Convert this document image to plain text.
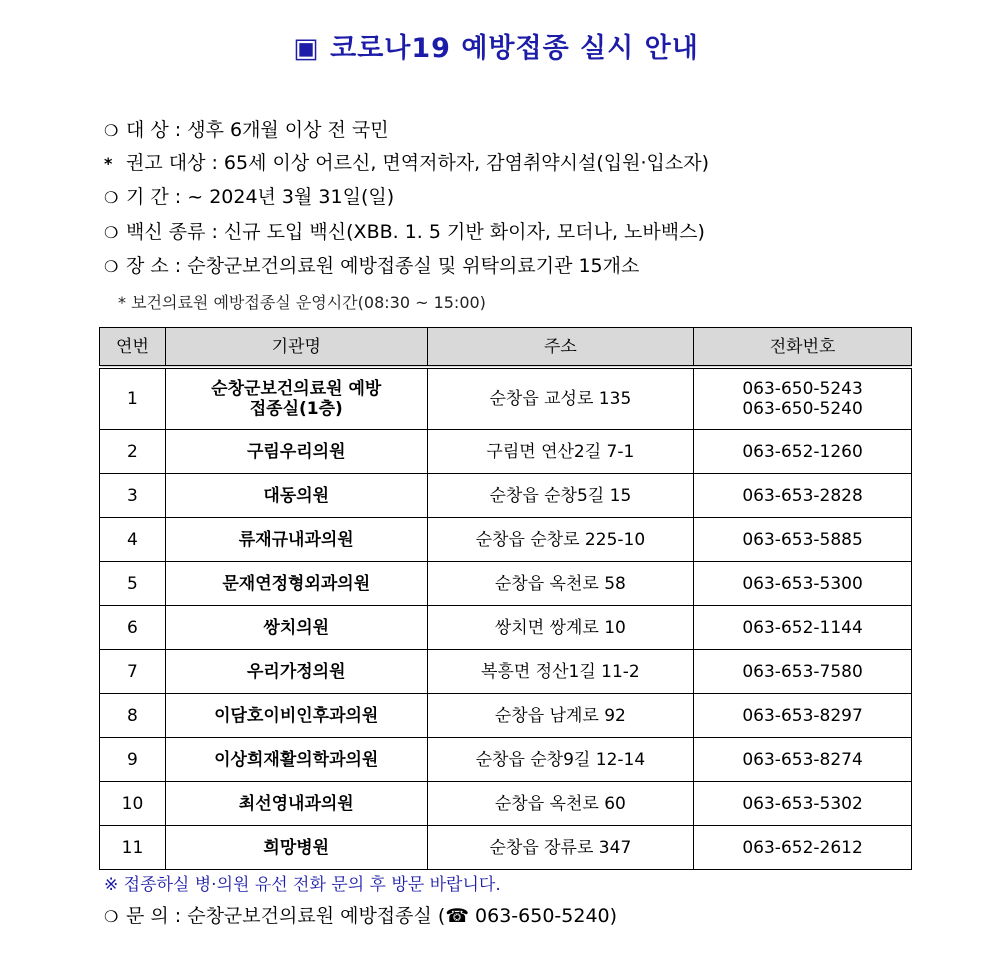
▣ 코로나19 예방접종 실시 안내
❍ 대 상 : 생후 6개월 이상 전 국민
* 권고 대상 : 65세 이상 어르신, 면역저하자, 감염취약시설(입원·입소자)
❍ 기 간 : ~ 2024년 3월 31일(일)
❍ 백신 종류 : 신규 도입 백신(XBB. 1. 5 기반 화이자, 모더나, 노바백스)
❍ 장 소 : 순창군보건의료원 예방접종실 및 위탁의료기관 15개소
* 보건의료원 예방접종실 운영시간(08:30 ~ 15:00)
연번	기관명	주소	전화번호
1	순창군보건의료원 예방접종실(1층)	순창읍 교성로 135	063-650-5243 063-650-5240
2	구림우리의원	구림면 연산2길 7-1	063-652-1260
3	대동의원	순창읍 순창5길 15	063-653-2828
4	류재규내과의원	순창읍 순창로 225-10	063-653-5885
5	문재연정형외과의원	순창읍 옥천로 58	063-653-5300
6	쌍치의원	쌍치면 쌍계로 10	063-652-1144
7	우리가정의원	복흥면 정산1길 11-2	063-653-7580
8	이담호이비인후과의원	순창읍 남계로 92	063-653-8297
9	이상희재활의학과의원	순창읍 순창9길 12-14	063-653-8274
10	최선영내과의원	순창읍 옥천로 60	063-653-5302
11	희망병원	순창읍 장류로 347	063-652-2612
※ 접종하실 병·의원 유선 전화 문의 후 방문 바랍니다.
❍ 문 의 : 순창군보건의료원 예방접종실 (☎ 063-650-5240)
